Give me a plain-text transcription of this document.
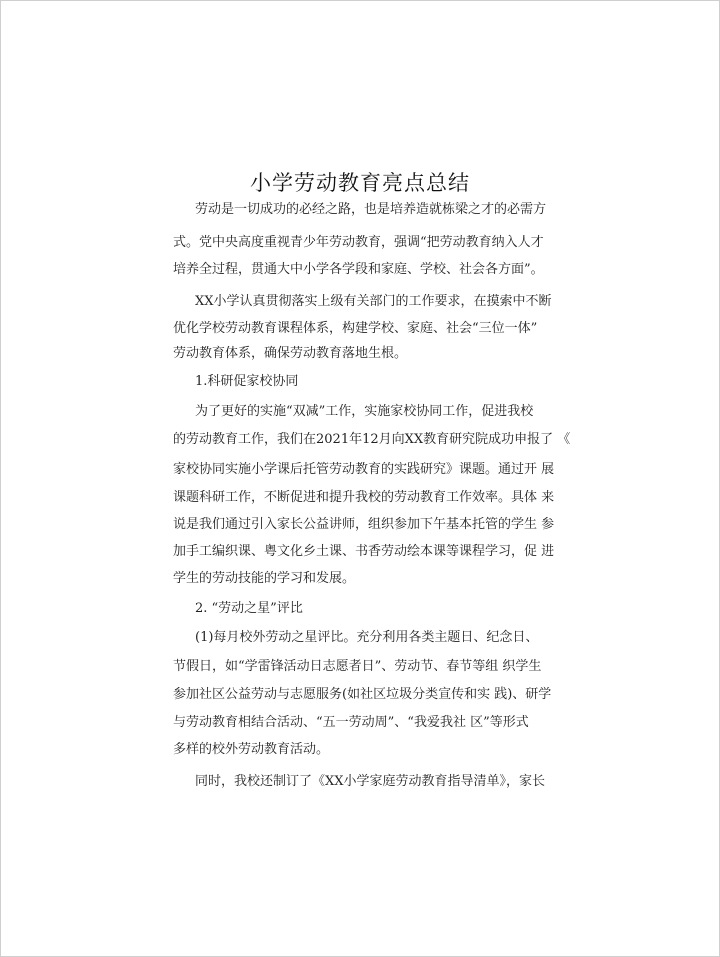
小学劳动教育亮点总结
劳动是一切成功的必经之路，也是培养造就栋梁之才的必需方
式。党中央高度重视青少年劳动教育，强调“把劳动教育纳入人才
培养全过程，贯通大中小学各学段和家庭、学校、社会各方面”。
XX小学认真贯彻落实上级有关部门的工作要求，在摸索中不断
优化学校劳动教育课程体系，构建学校、家庭、社会“三位一体”
劳动教育体系，确保劳动教育落地生根。
1.科研促家校协同
为了更好的实施“双减”工作，实施家校协同工作，促进我校
的劳动教育工作，我们在2021年12月向XX教育研究院成功申报了 《
家校协同实施小学课后托管劳动教育的实践研究》课题。通过开 展
课题科研工作，不断促进和提升我校的劳动教育工作效率。具体 来
说是我们通过引入家长公益讲师，组织参加下午基本托管的学生 参
加手工编织课、粤文化乡土课、书香劳动绘本课等课程学习，促 进
学生的劳动技能的学习和发展。
2. “劳动之星”评比
(1)每月校外劳动之星评比。充分利用各类主题日、纪念日、
节假日，如“学雷锋活动日志愿者日”、劳动节、春节等组 织学生
参加社区公益劳动与志愿服务(如社区垃圾分类宣传和实 践)、研学
与劳动教育相结合活动、“五一劳动周”、“我爱我社 区”等形式
多样的校外劳动教育活动。
同时，我校还制订了《XX小学家庭劳动教育指导清单》，家长
